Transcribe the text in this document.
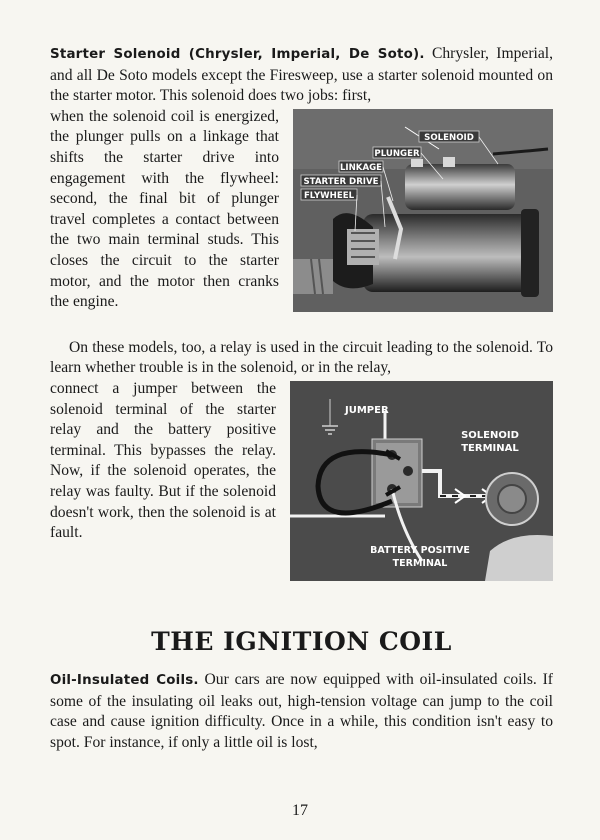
Starter Solenoid (Chrysler, Imperial, De Soto). Chrysler, Imperial, and all De Soto models except the Firesweep, use a starter solenoid mounted on the starter motor. This solenoid does two jobs: first,

SOLENOID
PLUNGER
LINKAGE
STARTER DRIVE
FLYWHEEL
when the solenoid coil is energized, the plunger pulls on a linkage that shifts the starter drive into engagement with the flywheel: second, the final bit of plunger travel completes a contact between the two main terminal studs. This closes the circuit to the starter motor, and the motor then cranks the engine.

On these models, too, a relay is used in the circuit leading to the solenoid. To learn whether trouble is in the solenoid, or in the relay,

JUMPER
SOLENOID
TERMINAL
BATTERY POSITIVE
TERMINAL
connect a jumper between the solenoid terminal of the starter relay and the battery positive terminal. This bypasses the relay. Now, if the solenoid operates, the relay was faulty. But if the solenoid doesn't work, then the solenoid is at fault.

THE IGNITION COIL

Oil-Insulated Coils. Our cars are now equipped with oil-insulated coils. If some of the insulating oil leaks out, high-tension voltage can jump to the coil case and cause ignition difficulty. Once in a while, this condition isn't easy to spot. For instance, if only a little oil is lost,

17
